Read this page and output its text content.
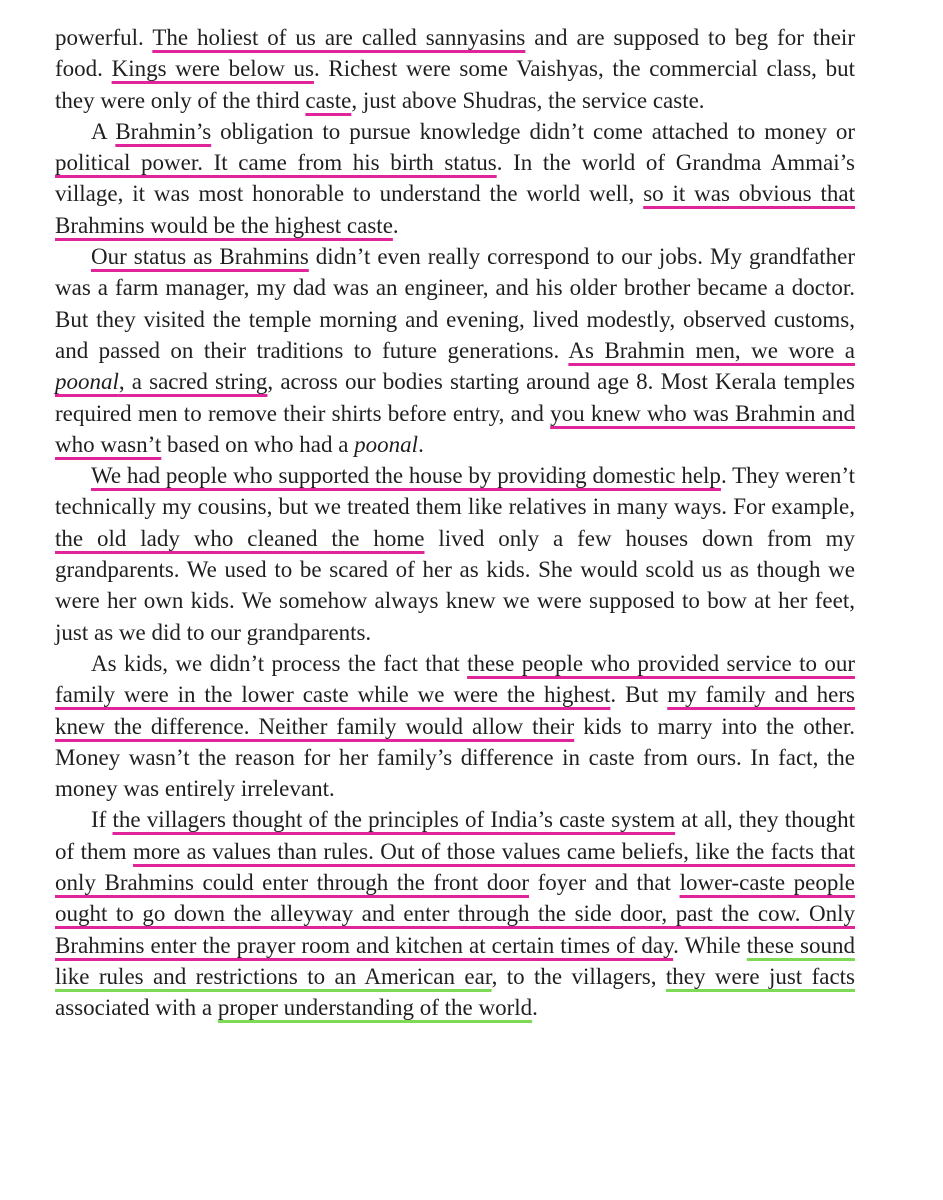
powerful. The holiest of us are called sannyasins and are supposed to beg for their food. Kings were below us. Richest were some Vaishyas, the commercial class, but they were only of the third caste, just above Shudras, the service caste.

A Brahmin’s obligation to pursue knowledge didn’t come attached to money or political power. It came from his birth status. In the world of Grandma Ammai’s village, it was most honorable to understand the world well, so it was obvious that Brahmins would be the highest caste.

Our status as Brahmins didn’t even really correspond to our jobs. My grandfather was a farm manager, my dad was an engineer, and his older brother became a doctor. But they visited the temple morning and evening, lived modestly, observed customs, and passed on their traditions to future generations. As Brahmin men, we wore a poonal, a sacred string, across our bodies starting around age 8. Most Kerala temples required men to remove their shirts before entry, and you knew who was Brahmin and who wasn’t based on who had a poonal.

We had people who supported the house by providing domestic help. They weren’t technically my cousins, but we treated them like relatives in many ways. For example, the old lady who cleaned the home lived only a few houses down from my grandparents. We used to be scared of her as kids. She would scold us as though we were her own kids. We somehow always knew we were supposed to bow at her feet, just as we did to our grandparents.

As kids, we didn’t process the fact that these people who provided service to our family were in the lower caste while we were the highest. But my family and hers knew the difference. Neither family would allow their kids to marry into the other. Money wasn’t the reason for her family’s difference in caste from ours. In fact, the money was entirely irrelevant.

If the villagers thought of the principles of India’s caste system at all, they thought of them more as values than rules. Out of those values came beliefs, like the facts that only Brahmins could enter through the front door foyer and that lower-caste people ought to go down the alleyway and enter through the side door, past the cow. Only Brahmins enter the prayer room and kitchen at certain times of day. While these sound like rules and restrictions to an American ear, to the villagers, they were just facts associated with a proper understanding of the world.
